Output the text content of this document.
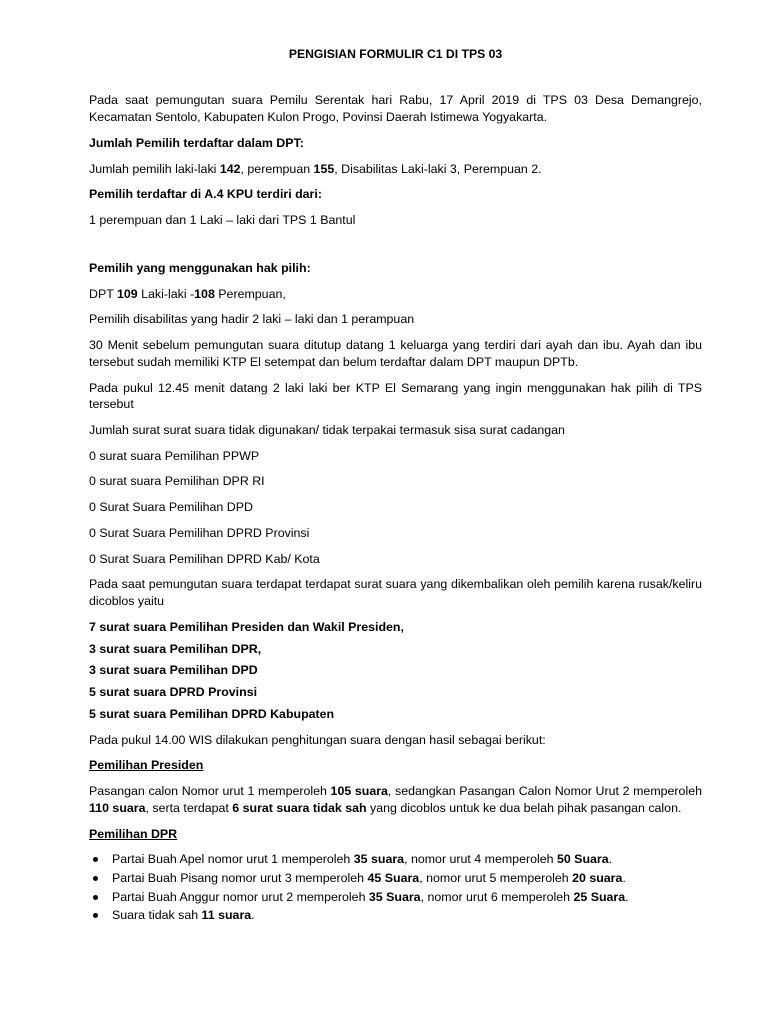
PENGISIAN FORMULIR C1 DI TPS 03

Pada saat pemungutan suara Pemilu Serentak hari Rabu, 17 April 2019 di TPS 03 Desa Demangrejo, Kecamatan Sentolo, Kabupaten Kulon Progo, Povinsi Daerah Istimewa Yogyakarta.

Jumlah Pemilih terdaftar dalam DPT:

Jumlah pemilih laki-laki 142, perempuan 155, Disabilitas Laki-laki 3, Perempuan 2.

Pemilih terdaftar di A.4 KPU terdiri dari:

1 perempuan dan 1 Laki – laki dari TPS 1 Bantul

Pemilih yang menggunakan hak pilih:

DPT 109 Laki-laki -108 Perempuan,

Pemilih disabilitas yang hadir 2 laki – laki dan 1 perampuan

30 Menit sebelum pemungutan suara ditutup datang 1 keluarga yang terdiri dari ayah dan ibu. Ayah dan ibu tersebut sudah memiliki KTP El setempat dan belum terdaftar dalam DPT maupun DPTb.

Pada pukul 12.45 menit datang 2 laki laki ber KTP El Semarang yang ingin menggunakan hak pilih di TPS tersebut

Jumlah surat surat suara tidak digunakan/ tidak terpakai termasuk sisa surat cadangan

0 surat suara Pemilihan PPWP

0 surat suara Pemilihan DPR RI

0 Surat Suara Pemilihan DPD

0 Surat Suara Pemilihan DPRD Provinsi

0 Surat Suara Pemilihan DPRD Kab/ Kota

Pada saat pemungutan suara terdapat terdapat surat suara yang dikembalikan oleh pemilih karena rusak/keliru dicoblos yaitu

7 surat suara Pemilihan Presiden dan Wakil Presiden,

3 surat suara Pemilihan DPR,

3 surat suara Pemilihan DPD

5 surat suara DPRD Provinsi

5 surat suara Pemilihan DPRD Kabupaten

Pada pukul 14.00 WIS dilakukan penghitungan suara dengan hasil sebagai berikut:

Pemilihan Presiden

Pasangan calon Nomor urut 1 memperoleh 105 suara, sedangkan Pasangan Calon Nomor Urut 2 memperoleh 110 suara, serta terdapat 6 surat suara tidak sah yang dicoblos untuk ke dua belah pihak pasangan calon.

Pemilihan DPR

Partai Buah Apel nomor urut 1 memperoleh 35 suara, nomor urut 4 memperoleh 50 Suara.
Partai Buah Pisang nomor urut 3 memperoleh 45 Suara, nomor urut 5 memperoleh 20 suara.
Partai Buah Anggur nomor urut 2 memperoleh 35 Suara, nomor urut 6 memperoleh 25 Suara.
Suara tidak sah 11 suara.
